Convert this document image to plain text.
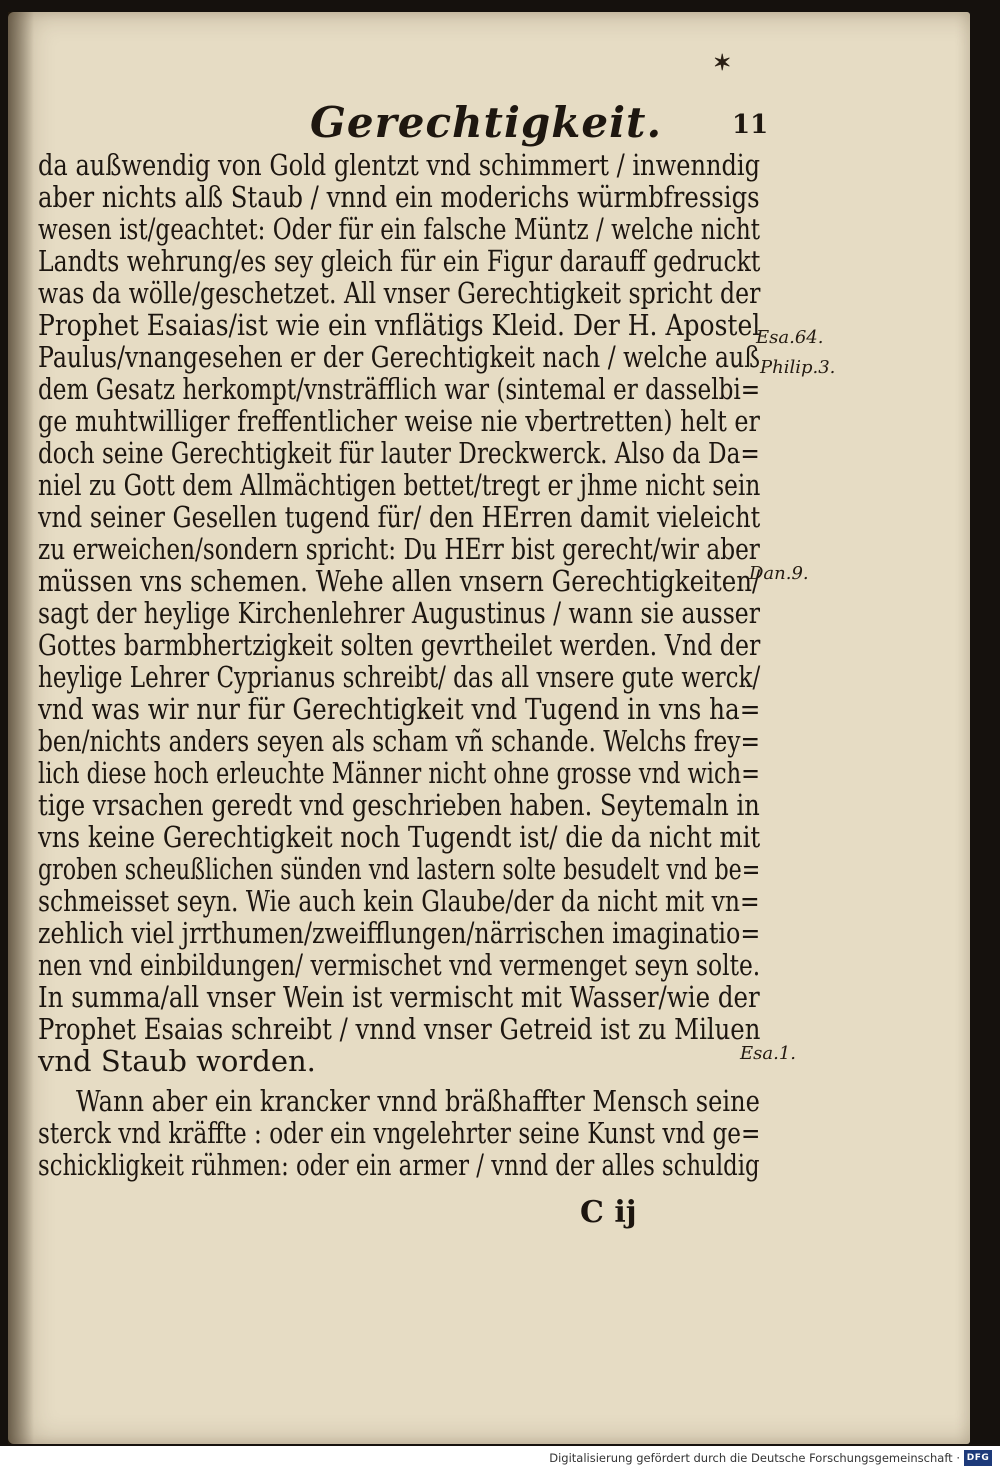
✶
Gerechtigkeit.	11
da außwendig von Gold glentzt vnd schimmert / inwenndig
aber nichts alß Staub / vnnd ein moderichs würmbfressigs
wesen ist/geachtet: Oder für ein falsche Müntz / welche nicht
Landts wehrung/es sey gleich für ein Figur darauff gedruckt
was da wölle/geschetzet. All vnser Gerechtigkeit spricht der
Prophet Esaias/ist wie ein vnflätigs Kleid. Der H. Apostel
Paulus/vnangesehen er der Gerechtigkeit nach / welche auß
dem Gesatz herkompt/vnsträfflich war (sintemal er dasselbi=
ge muhtwilliger freffentlicher weise nie vbertretten) helt er
doch seine Gerechtigkeit für lauter Dreckwerck. Also da Da=
niel zu Gott dem Allmächtigen bettet/tregt er jhme nicht sein
vnd seiner Gesellen tugend für/ den HErren damit vieleicht
zu erweichen/sondern spricht: Du HErr bist gerecht/wir aber
müssen vns schemen. Wehe allen vnsern Gerechtigkeiten/
sagt der heylige Kirchenlehrer Augustinus / wann sie ausser
Gottes barmbhertzigkeit solten gevrtheilet werden. Vnd der
heylige Lehrer Cyprianus schreibt/ das all vnsere gute werck/
vnd was wir nur für Gerechtigkeit vnd Tugend in vns ha=
ben/nichts anders seyen als scham vñ schande. Welchs frey=
lich diese hoch erleuchte Männer nicht ohne grosse vnd wich=
tige vrsachen geredt vnd geschrieben haben. Seytemaln in
vns keine Gerechtigkeit noch Tugendt ist/ die da nicht mit
groben scheußlichen sünden vnd lastern solte besudelt vnd be=
schmeisset seyn. Wie auch kein Glaube/der da nicht mit vn=
zehlich viel jrrthumen/zweifflungen/närrischen imaginatio=
nen vnd einbildungen/ vermischet vnd vermenget seyn solte.
In summa/all vnser Wein ist vermischt mit Wasser/wie der
Prophet Esaias schreibt / vnnd vnser Getreid ist zu Miluen
vnd Staub worden.
Wann aber ein krancker vnnd bräßhaffter Mensch seine
sterck vnd kräffte : oder ein vngelehrter seine Kunst vnd ge=
schickligkeit rühmen: oder ein armer / vnnd der alles schuldig
Esa.64.
Philip.3.
Dan.9.
Esa.1.
C ij
Digitalisierung gefördert durch die Deutsche Forschungsgemeinschaft · DFG
